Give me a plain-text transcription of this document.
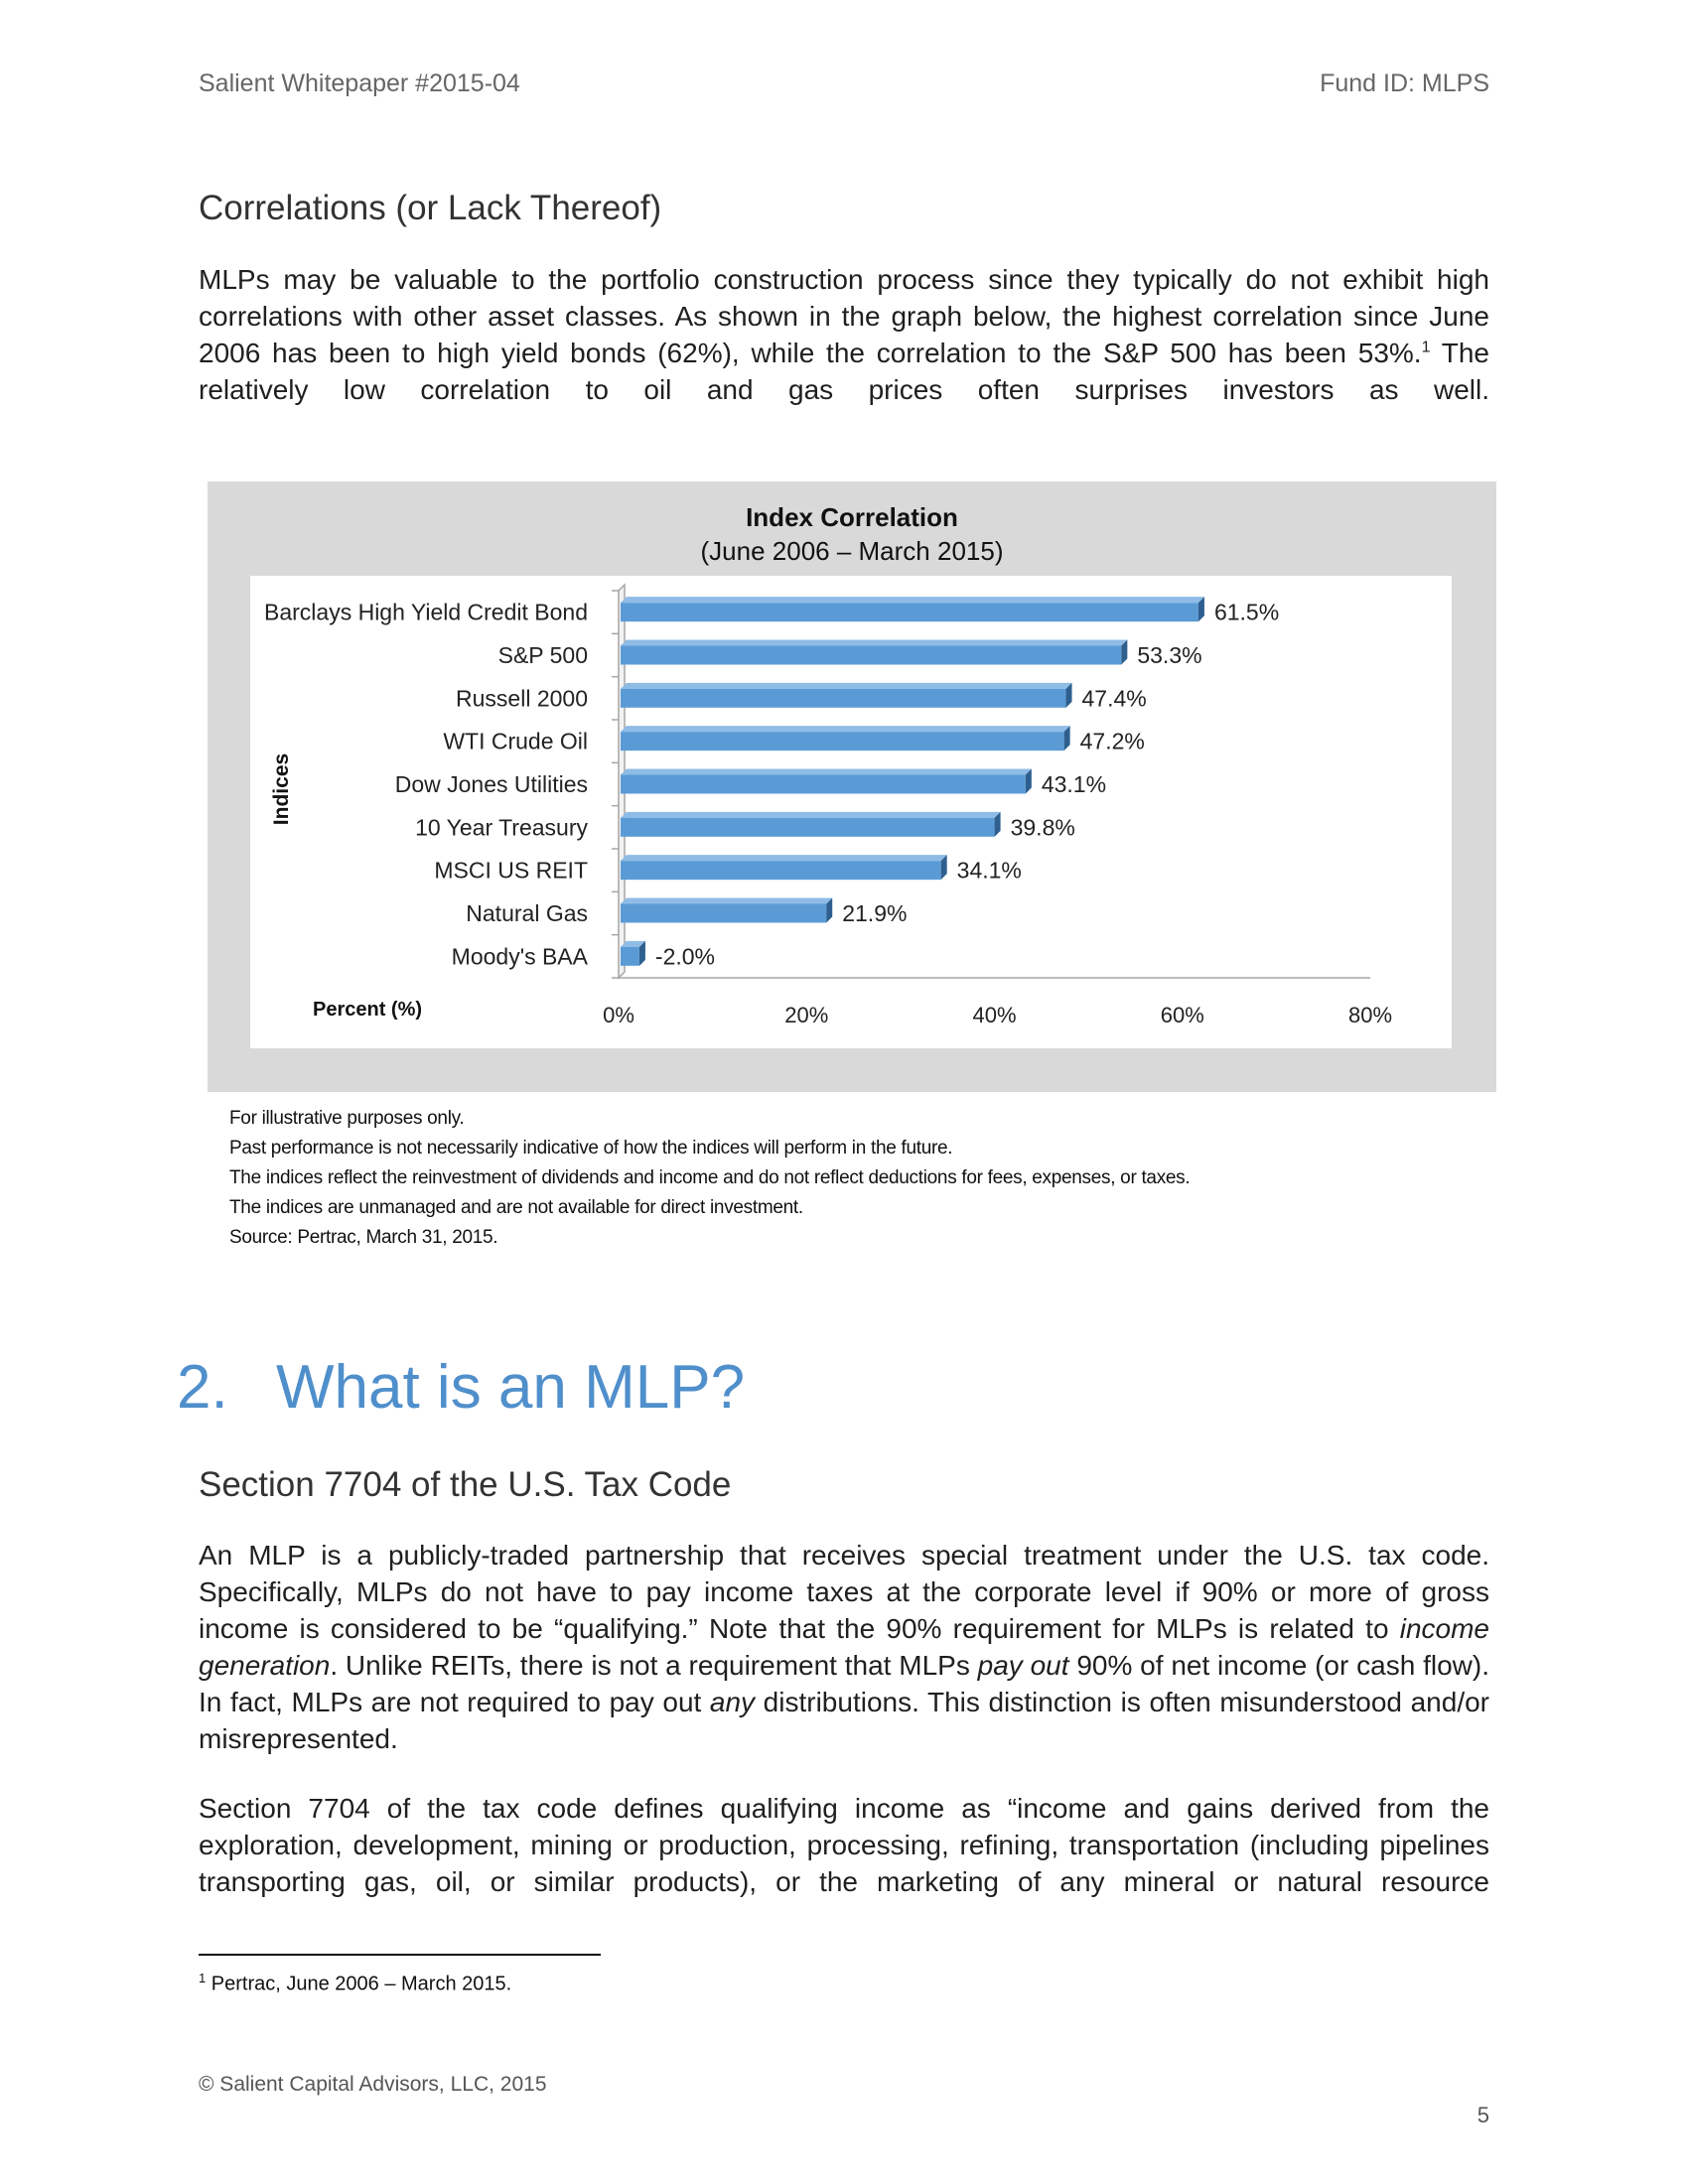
Salient Whitepaper #2015-04	Fund ID: MLPS
Correlations (or Lack Thereof)

MLPs may be valuable to the portfolio construction process since they typically do not exhibit high correlations with other asset classes. As shown in the graph below, the highest correlation since June 2006 has been to high yield bonds (62%), while the correlation to the S&P 500 has been 53%.$^1$ The relatively low correlation to oil and gas prices often surprises investors as well.

Index Correlation
(June 2006 – March 2015)
61.5%
Barclays High Yield Credit Bond
53.3%
S&P 500
47.4%
Russell 2000
47.2%
WTI Crude Oil
43.1%
Dow Jones Utilities
39.8%
10 Year Treasury
34.1%
MSCI US REIT
21.9%
Natural Gas
-2.0%
Moody's BAA
0%	20%	40%	60%	80%
Percent (%)
Indices
For illustrative purposes only.
Past performance is not necessarily indicative of how the indices will perform in the future.
The indices reflect the reinvestment of dividends and income and do not reflect deductions for fees, expenses, or taxes.
The indices are unmanaged and are not available for direct investment.
Source: Pertrac, March 31, 2015.
2. What is an MLP?
Section 7704 of the U.S. Tax Code

An MLP is a publicly-traded partnership that receives special treatment under the U.S. tax code. Specifically, MLPs do not have to pay income taxes at the corporate level if 90% or more of gross income is considered to be “qualifying.” Note that the 90% requirement for MLPs is related to income generation. Unlike REITs, there is not a requirement that MLPs pay out 90% of net income (or cash flow). In fact, MLPs are not required to pay out any distributions. This distinction is often misunderstood and/or misrepresented.

Section 7704 of the tax code defines qualifying income as “income and gains derived from the exploration, development, mining or production, processing, refining, transportation (including pipelines transporting gas, oil, or similar products), or the marketing of any mineral or natural resource

$^1$ Pertrac, June 2006 – March 2015.
© Salient Capital Advisors, LLC, 2015
5
